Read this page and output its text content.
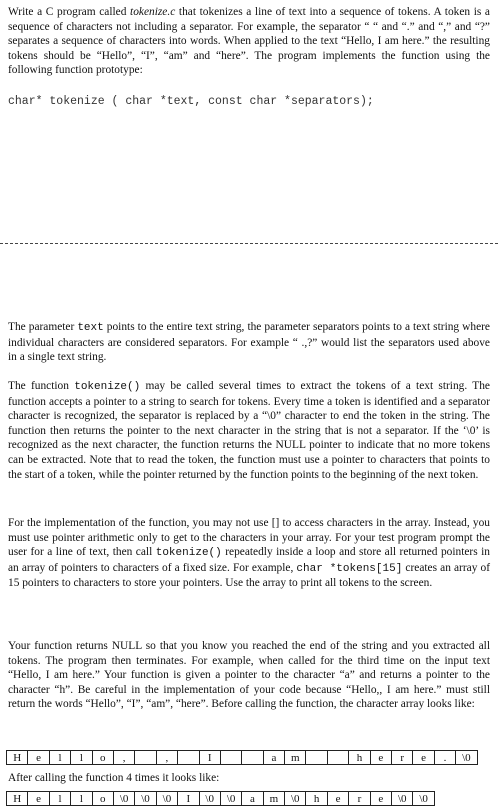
Write a C program called tokenize.c that tokenizes a line of text into a sequence of tokens. A token is a sequence of characters not including a separator. For example, the separator “ “ and “.” and “,” and “?” separates a sequence of characters into words. When applied to the text “Hello, I am here.” the resulting tokens should be “Hello”, “I”, “am” and “here”. The program implements the function using the following function prototype:

char* tokenize ( char *text, const char *separators);

The parameter text points to the entire text string, the parameter separators points to a text string where individual characters are considered separators. For example “ .,?” would list the separators used above in a single text string.

The function tokenize() may be called several times to extract the tokens of a text string. The function accepts a pointer to a string to search for tokens. Every time a token is identified and a separator character is recognized, the separator is replaced by a “\0” character to end the token in the string. The function then returns the pointer to the next character in the string that is not a separator. If the ‘\0’ is recognized as the next character, the function returns the NULL pointer to indicate that no more tokens can be extracted. Note that to read the token, the function must use a pointer to characters that points to the start of a token, while the pointer returned by the function points to the beginning of the next token.

For the implementation of the function, you may not use [] to access characters in the array. Instead, you must use pointer arithmetic only to get to the characters in your array. For your test program prompt the user for a line of text, then call tokenize() repeatedly inside a loop and store all returned pointers in an array of pointers to characters of a fixed size. For example, char *tokens[15] creates an array of 15 pointers to characters to store your pointers. Use the array to print all tokens to the screen.

Your function returns NULL so that you know you reached the end of the string and you extracted all tokens. The program then terminates. For example, when called for the third time on the input text “Hello, I am here.” Your function is given a pointer to the character “a” and returns a pointer to the character “h”. Be careful in the implementation of your code because “Hello,, I am here.” must still return the words “Hello”, “I”, “am”, “here”. Before calling the function, the character array looks like:

H	e	l	l	o	,		,		I			a	m			h	e	r	e	.	\0
After calling the function 4 times it looks like:
H	e	l	l	o	\0	\0	\0	I	\0	\0	a	m	\0	h	e	r	e	\0	\0
